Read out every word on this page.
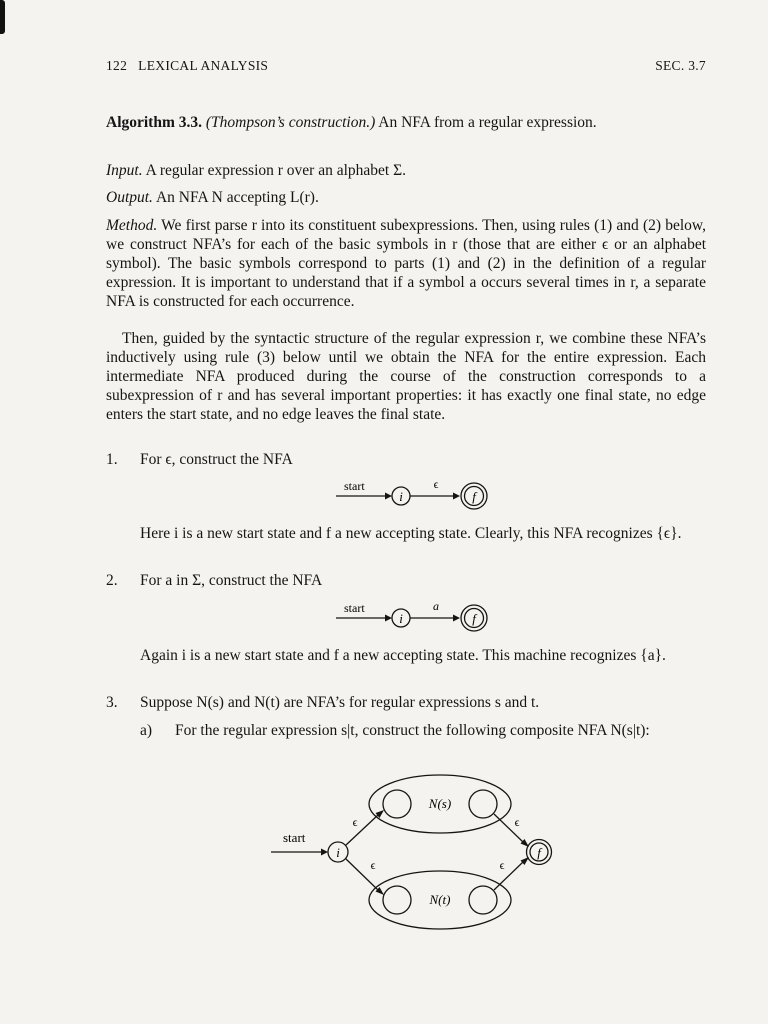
122   LEXICAL ANALYSIS	SEC. 3.7
Algorithm 3.3. (Thompson’s construction.) An NFA from a regular expression.
Input. A regular expression r over an alphabet Σ.
Output. An NFA N accepting L(r).
Method. We first parse r into its constituent subexpressions. Then, using rules (1) and (2) below, we construct NFA’s for each of the basic symbols in r (those that are either ϵ or an alphabet symbol). The basic symbols correspond to parts (1) and (2) in the definition of a regular expression. It is important to understand that if a symbol a occurs several times in r, a separate NFA is constructed for each occurrence.
Then, guided by the syntactic structure of the regular expression r, we combine these NFA’s inductively using rule (3) below until we obtain the NFA for the entire expression. Each intermediate NFA produced during the course of the construction corresponds to a subexpression of r and has several important properties: it has exactly one final state, no edge enters the start state, and no edge leaves the final state.
1. For ϵ, construct the NFA
start
i
ϵ
f
Here i is a new start state and f a new accepting state. Clearly, this NFA recognizes {ϵ}.
2. For a in Σ, construct the NFA
start
i
a
f
Again i is a new start state and f a new accepting state. This machine recognizes {a}.
3. Suppose N(s) and N(t) are NFA’s for regular expressions s and t.
a) For the regular expression s|t, construct the following composite NFA N(s|t):
start
i
N(s)
N(t)
ϵ	ϵ
ϵ	ϵ
f
